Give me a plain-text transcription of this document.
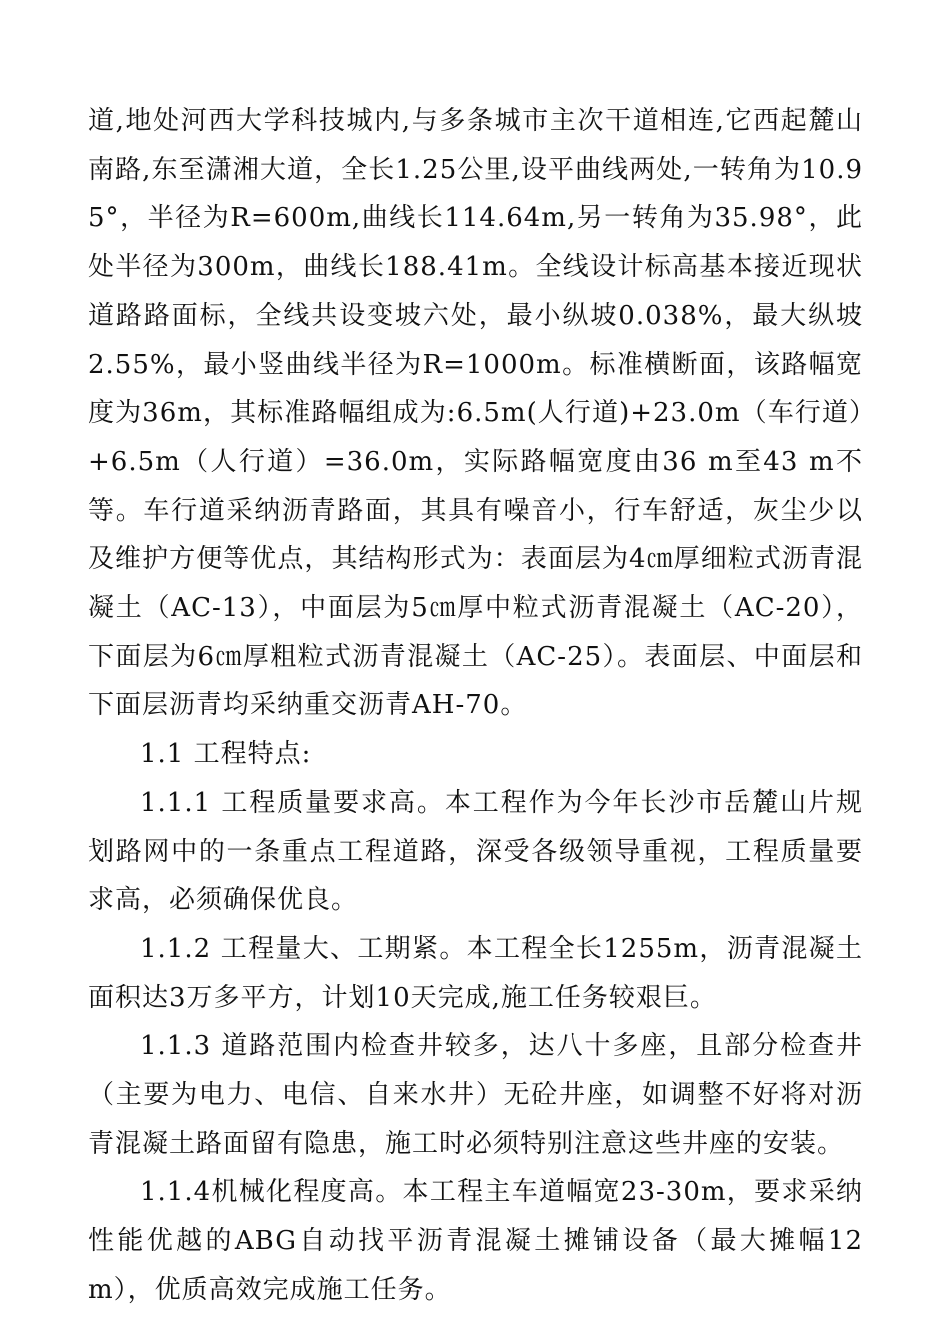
道,地处河西大学科技城内,与多条城市主次干道相连,它西起麓山南路,东至潇湘大道，全长1.25公里,设平曲线两处,一转角为10.95°，半径为R=600m,曲线长114.64m,另一转角为35.98°，此处半径为300m，曲线长188.41m。全线设计标高基本接近现状道路路面标，全线共设变坡六处，最小纵坡0.038%，最大纵坡2.55%，最小竖曲线半径为R=1000m。标准横断面，该路幅宽度为36m，其标准路幅组成为:6.5m(人行道)+23.0m（车行道）+6.5m（人行道）=36.0m，实际路幅宽度由36 m至43 m不等。车行道采纳沥青路面，其具有噪音小，行车舒适，灰尘少以及维护方便等优点，其结构形式为：表面层为4㎝厚细粒式沥青混凝土（AC-13），中面层为5㎝厚中粒式沥青混凝土（AC-20），下面层为6㎝厚粗粒式沥青混凝土（AC-25）。表面层、中面层和下面层沥青均采纳重交沥青AH-70。

1.1 工程特点:

1.1.1 工程质量要求高。本工程作为今年长沙市岳麓山片规划路网中的一条重点工程道路，深受各级领导重视，工程质量要求高，必须确保优良。

1.1.2 工程量大、工期紧。本工程全长1255m，沥青混凝土面积达3万多平方，计划10天完成,施工任务较艰巨。

1.1.3 道路范围内检查井较多，达八十多座，且部分检查井（主要为电力、电信、自来水井）无砼井座，如调整不好将对沥青混凝土路面留有隐患，施工时必须特别注意这些井座的安装。

1.1.4机械化程度高。本工程主车道幅宽23-30m，要求采纳性能优越的ABG自动找平沥青混凝土摊铺设备（最大摊幅12m），优质高效完成施工任务。
